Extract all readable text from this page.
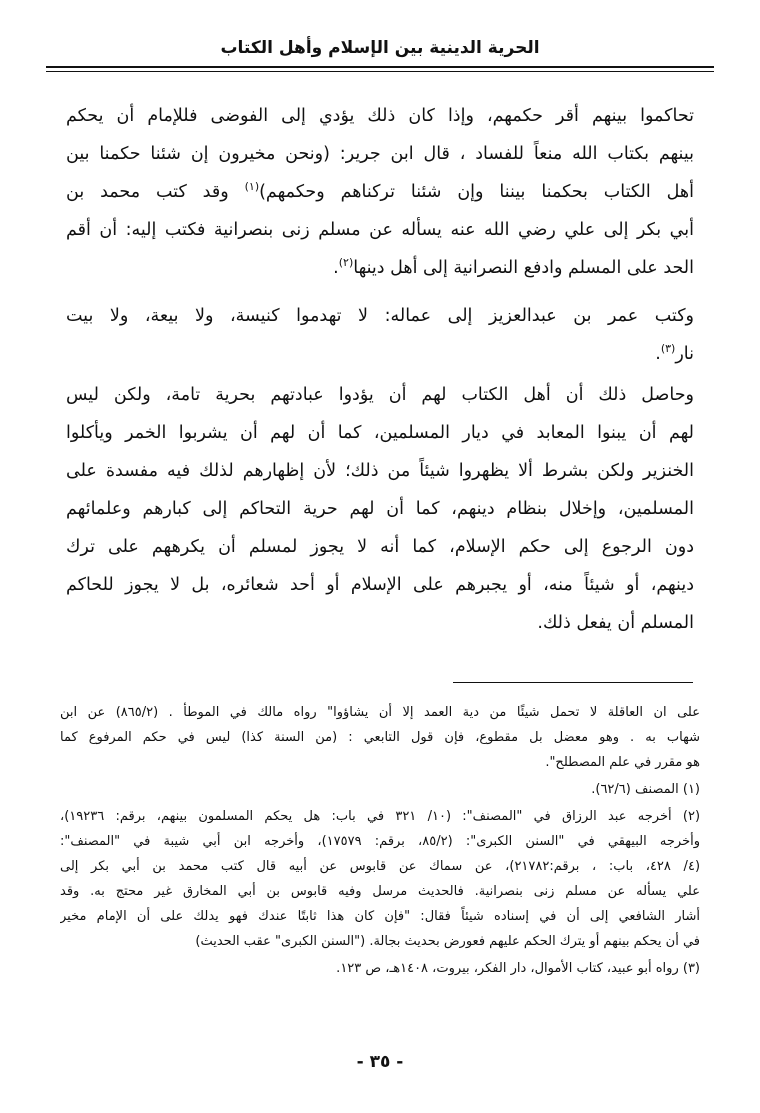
الحرية الدينية بين الإسلام وأهل الكتاب
تحاكموا بينهم أقر حكمهم، وإذا كان ذلك يؤدي إلى الفوضى فللإمام أن يحكم
بينهم بكتاب الله منعاً للفساد ، قال ابن جرير: (ونحن مخيرون إن شئنا حكمنا بين
أهل الكتاب بحكمنا بيننا وإن شئنا تركناهم وحكمهم)$^{(١)}$ وقد كتب محمد بن
أبي بكر إلى علي رضي الله عنه يسأله عن مسلم زنى بنصرانية فكتب إليه: أن أقم
الحد على المسلم وادفع النصرانية إلى أهل دينها$^{(٢)}$.
وكتب عمر بن عبدالعزيز إلى عماله: لا تهدموا كنيسة، ولا بيعة، ولا بيت
نار$^{(٣)}$.
وحاصل ذلك أن أهل الكتاب لهم أن يؤدوا عبادتهم بحرية تامة، ولكن ليس
لهم أن يبنوا المعابد في ديار المسلمين، كما أن لهم أن يشربوا الخمر ويأكلوا
الخنزير ولكن بشرط ألا يظهروا شيئاً من ذلك؛ لأن إظهارهم لذلك فيه مفسدة على
المسلمين، وإخلال بنظام دينهم، كما أن لهم حرية التحاكم إلى كبارهم وعلمائهم
دون الرجوع إلى حكم الإسلام، كما أنه لا يجوز لمسلم أن يكرههم على ترك
دينهم، أو شيئاً منه، أو يجبرهم على الإسلام أو أحد شعائره، بل لا يجوز للحاكم
المسلم أن يفعل ذلك.
على ان العاقلة لا تحمل شيئًا من دية العمد إلا أن يشاؤوا" رواه مالك في الموطأ . (٨٦٥/٢) عن ابن
شهاب به . وهو معضل بل مقطوع، فإن قول التابعي : (من السنة كذا) ليس في حكم المرفوع كما
هو مقرر في علم المصطلح".
(١) المصنف (٦٢/٦).
(٢) أخرجه عبد الرزاق في "المصنف": (١٠/ ٣٢١ في باب: هل يحكم المسلمون بينهم، برقم: ١٩٢٣٦)،
وأخرجه البيهقي في "السنن الكبرى": (٨٥/٢، برقم: ١٧٥٧٩)، وأخرجه ابن أبي شيبة في "المصنف":
(٤/ ٤٢٨، باب: ، برقم:٢١٧٨٢)، عن سماك عن قابوس عن أبيه قال كتب محمد بن أبي بكر إلى
علي يسأله عن مسلم زنى بنصرانية. فالحديث مرسل وفيه قابوس بن أبي المخارق غير محتج به. وقد
أشار الشافعي إلى أن في إسناده شيئاً فقال: "فإن كان هذا ثابتًا عندك فهو يدلك على أن الإمام مخير
في أن يحكم بينهم أو يترك الحكم عليهم فعورض بحديث بجالة. ("السنن الكبرى" عقب الحديث)
(٣) رواه أبو عبيد، كتاب الأموال، دار الفكر، بيروت، ١٤٠٨هـ، ص ١٢٣.
- ٣٥ -
